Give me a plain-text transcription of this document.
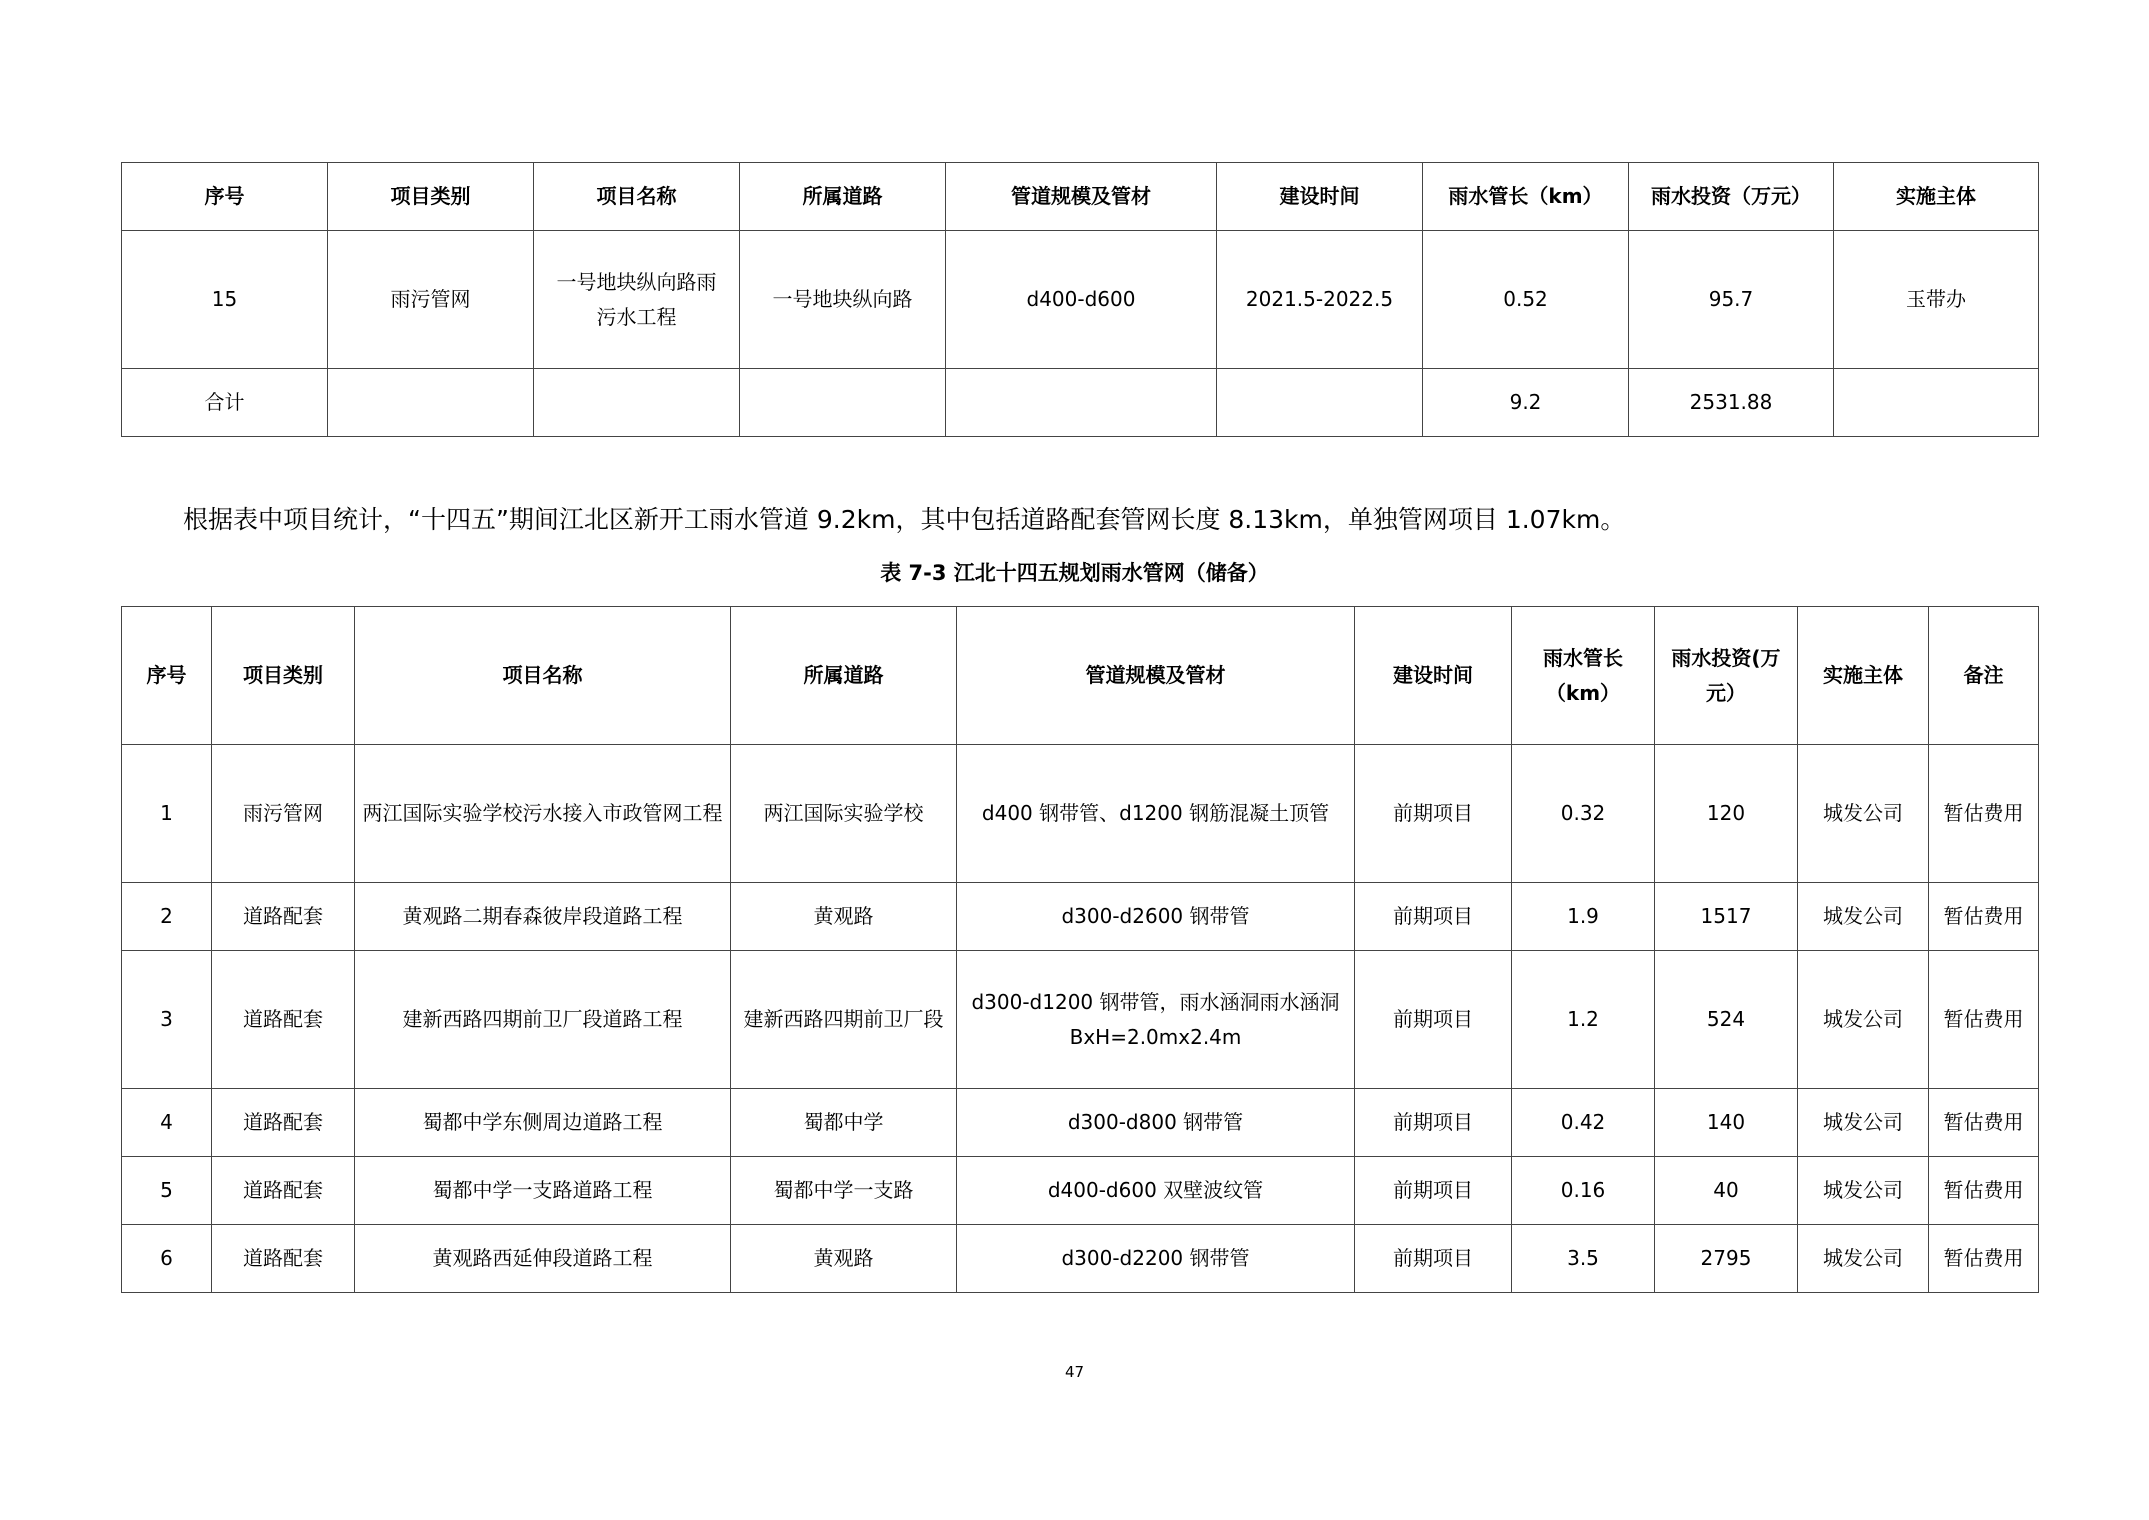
序号	项目类别	项目名称	所属道路	管道规模及管材	建设时间	雨水管长（km）	雨水投资（万元）	实施主体
15	雨污管网	一号地块纵向路雨污水工程	一号地块纵向路	d400-d600	2021.5-2022.5	0.52	95.7	玉带办
合计						9.2	2531.88	
根据表中项目统计，“十四五”期间江北区新开工雨水管道 9.2km，其中包括道路配套管网长度 8.13km，单独管网项目 1.07km。
表 7-3 江北十四五规划雨水管网（储备）
序号	项目类别	项目名称	所属道路	管道规模及管材	建设时间	雨水管长（km）	雨水投资(万元）	实施主体	备注
1	雨污管网	两江国际实验学校污水接入市政管网工程	两江国际实验学校	d400 钢带管、d1200 钢筋混凝土顶管	前期项目	0.32	120	城发公司	暂估费用
2	道路配套	黄观路二期春森彼岸段道路工程	黄观路	d300-d2600 钢带管	前期项目	1.9	1517	城发公司	暂估费用
3	道路配套	建新西路四期前卫厂段道路工程	建新西路四期前卫厂段	d300-d1200 钢带管，雨水涵洞雨水涵洞 BxH=2.0mx2.4m	前期项目	1.2	524	城发公司	暂估费用
4	道路配套	蜀都中学东侧周边道路工程	蜀都中学	d300-d800 钢带管	前期项目	0.42	140	城发公司	暂估费用
5	道路配套	蜀都中学一支路道路工程	蜀都中学一支路	d400-d600 双壁波纹管	前期项目	0.16	40	城发公司	暂估费用
6	道路配套	黄观路西延伸段道路工程	黄观路	d300-d2200 钢带管	前期项目	3.5	2795	城发公司	暂估费用
47
